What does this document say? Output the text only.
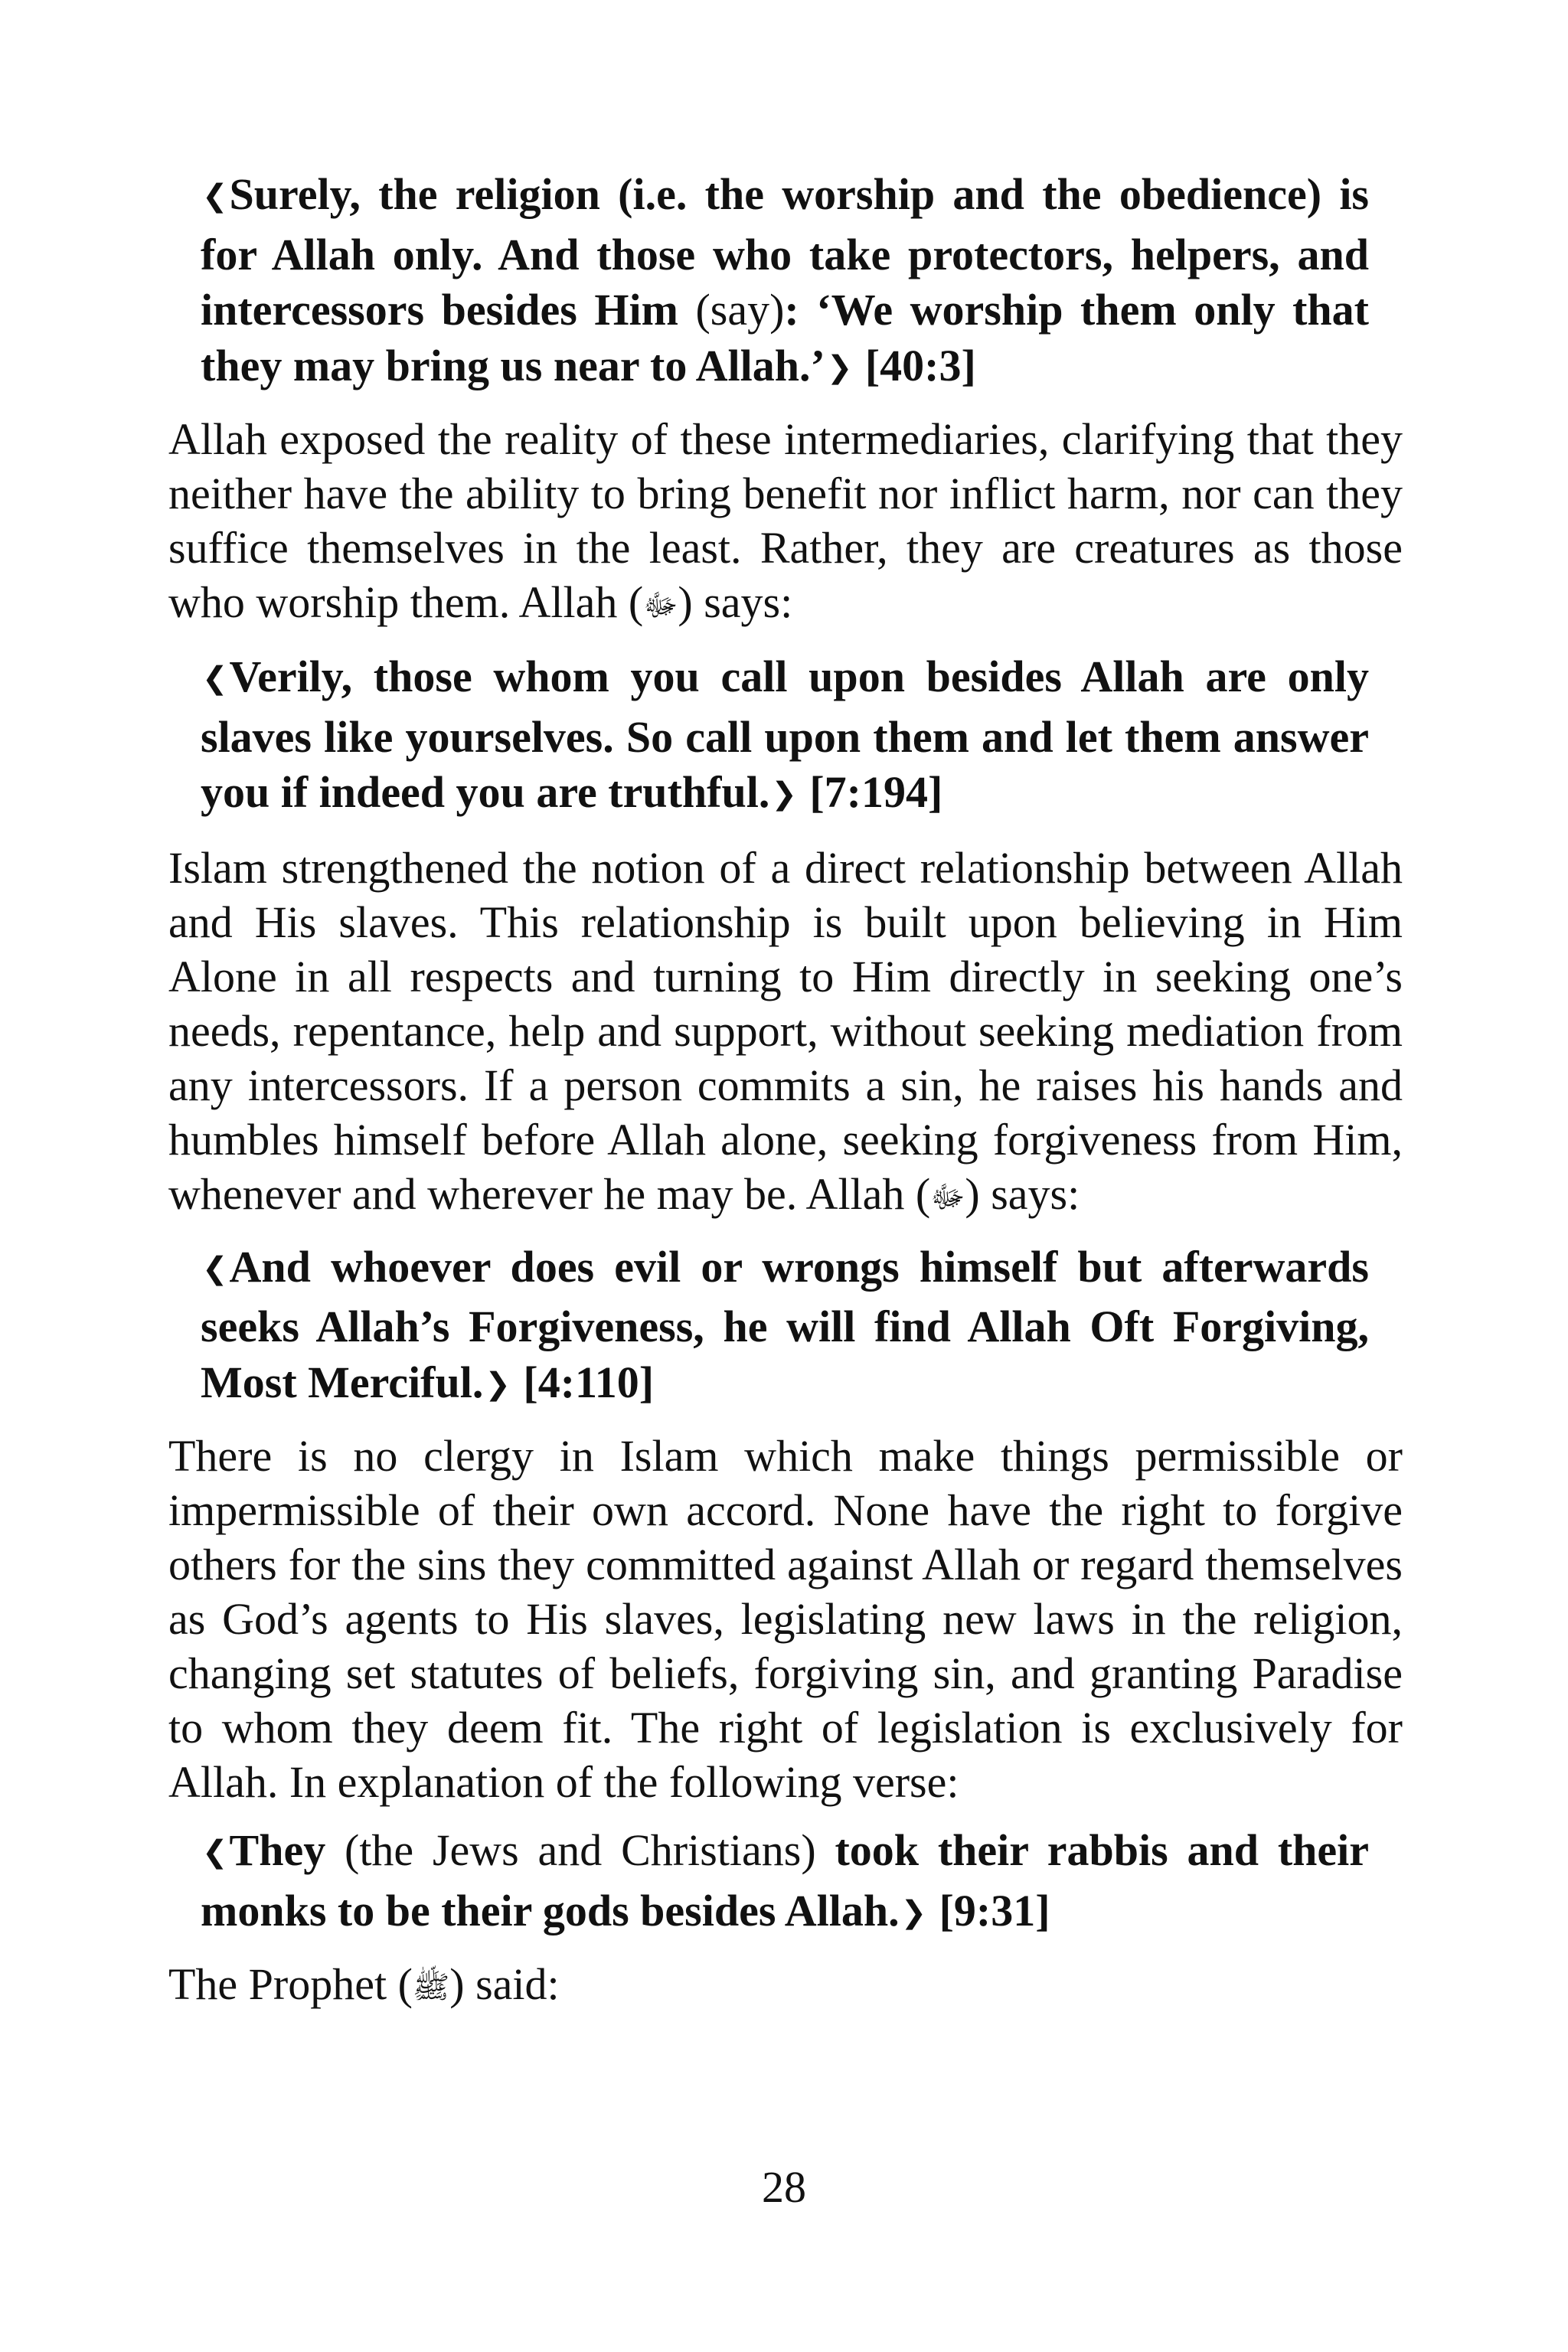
❮Surely, the religion (i.e. the worship and the obedience) is for Allah only. And those who take protectors, helpers, and intercessors besides Him (say): ‘We worship them only that they may bring us near to Allah.’❯ [40:3]
Allah exposed the reality of these intermediaries, clarifying that they neither have the ability to bring benefit nor inflict harm, nor can they suffice themselves in the least. Rather, they are creatures as those who worship them. Allah (ﷻ) says:
❮Verily, those whom you call upon besides Allah are only slaves like yourselves. So call upon them and let them answer you if indeed you are truthful.❯ [7:194]
Islam strengthened the notion of a direct relationship between Allah and His slaves. This relationship is built upon believing in Him Alone in all respects and turning to Him directly in seeking one’s needs, repentance, help and support, without seeking mediation from any intercessors. If a person commits a sin, he raises his hands and humbles himself before Allah alone, seeking forgiveness from Him, whenever and wherever he may be. Allah (ﷻ) says:
❮And whoever does evil or wrongs himself but afterwards seeks Allah’s Forgiveness, he will find Allah Oft Forgiving, Most Merciful.❯ [4:110]
There is no clergy in Islam which make things permissible or impermissible of their own accord. None have the right to forgive others for the sins they committed against Allah or regard themselves as God’s agents to His slaves, legislating new laws in the religion, changing set statutes of beliefs, forgiving sin, and granting Paradise to whom they deem fit. The right of legislation is exclusively for Allah. In explanation of the following verse:
❮They (the Jews and Christians) took their rabbis and their monks to be their gods besides Allah.❯ [9:31]
The Prophet (ﷺ) said:
28
